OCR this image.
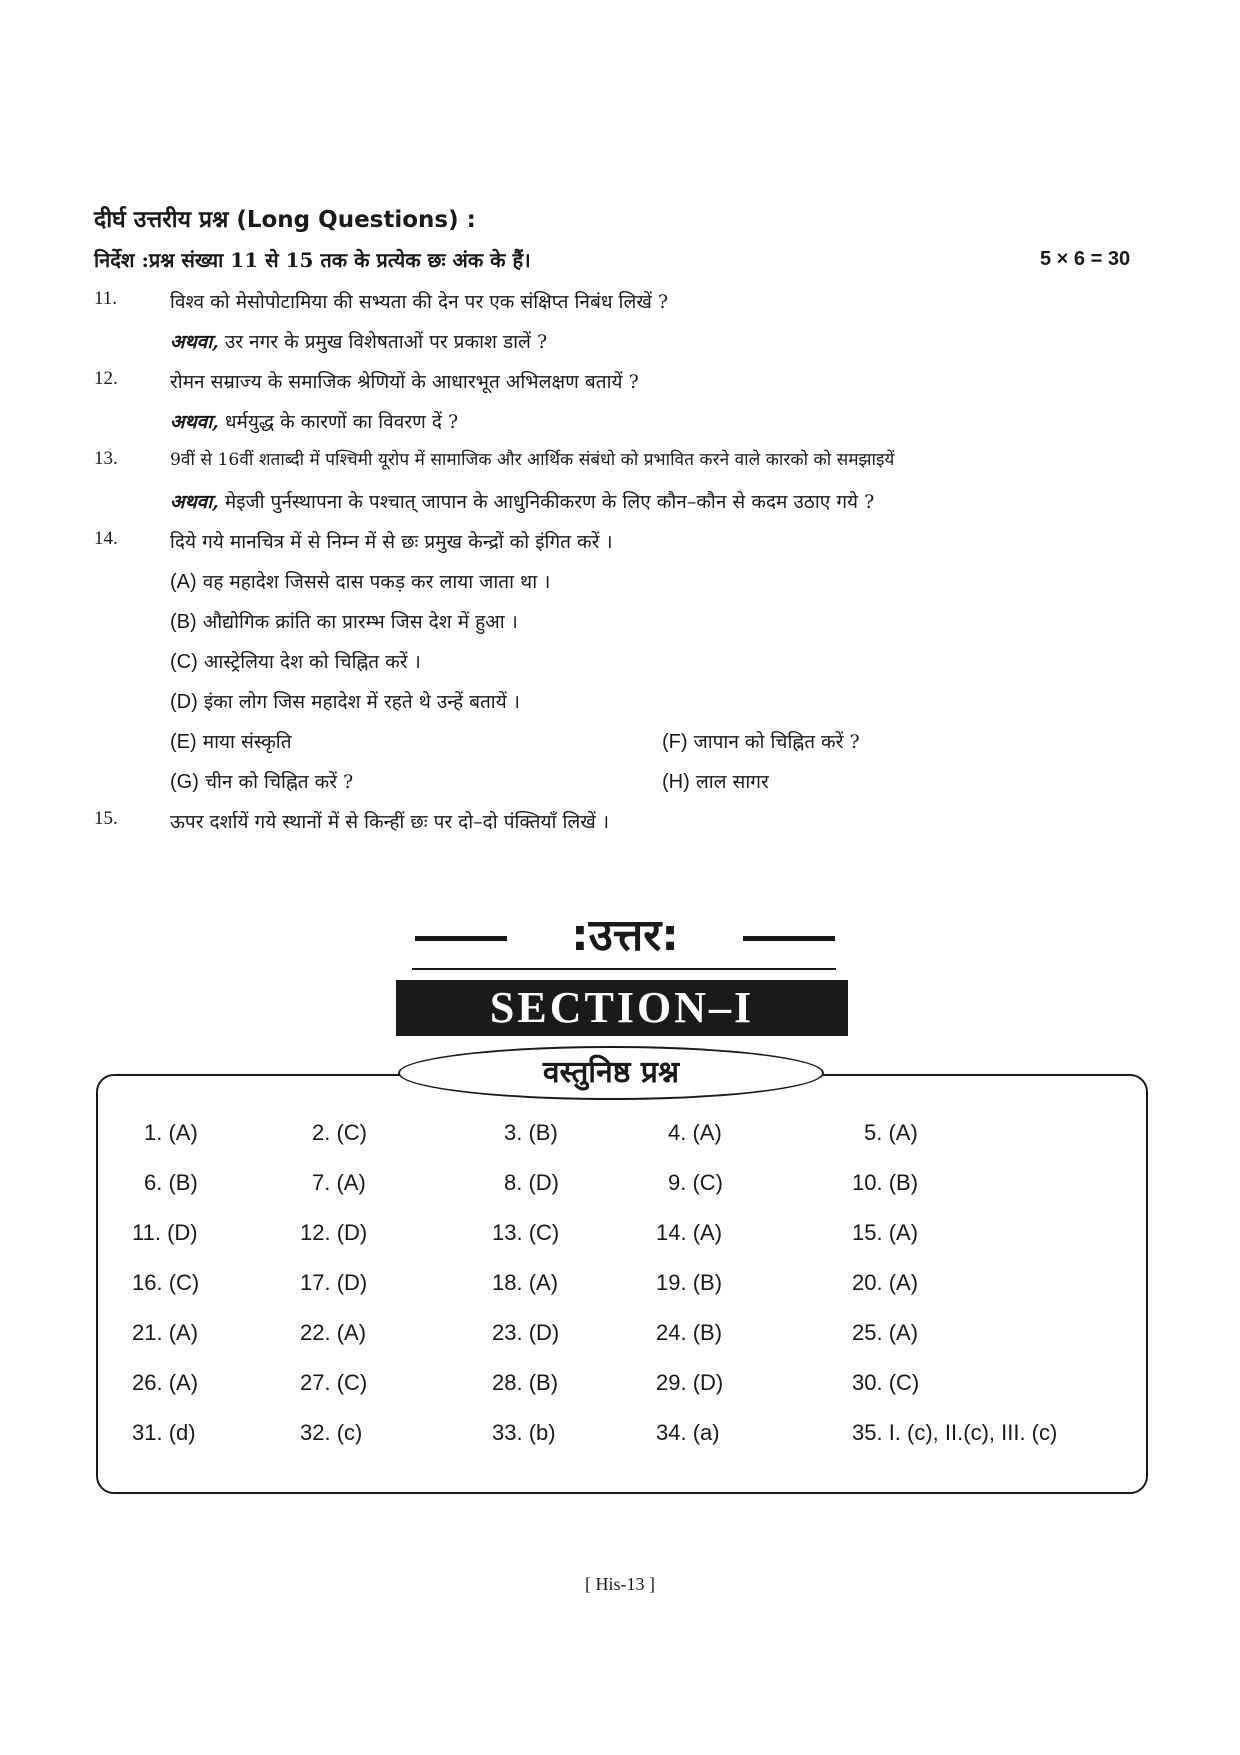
दीर्घ उत्तरीय प्रश्न (Long Questions) :
निर्देश :प्रश्न संख्या 11 से 15 तक के प्रत्येक छः अंक के हैं।	5 × 6 = 30
11.	विश्व को मेसोपोटामिया की सभ्यता की देन पर एक संक्षिप्त निबंध लिखें ?
अथवा, उर नगर के प्रमुख विशेषताओं पर प्रकाश डालें ?
12.	रोमन सम्राज्य के समाजिक श्रेणियों के आधारभूत अभिलक्षण बतायें ?
अथवा, धर्मयुद्ध के कारणों का विवरण दें ?
13.	9वीं से 16वीं शताब्दी में पश्चिमी यूरोप में सामाजिक और आर्थिक संबंधो को प्रभावित करने वाले कारको को समझाइयें
अथवा, मेइजी पुर्नस्थापना के पश्चात् जापान के आधुनिकीकरण के लिए कौन–कौन से कदम उठाए गये ?
14.	दिये गये मानचित्र में से निम्न में से छः प्रमुख केन्द्रों को इंगित करें ।
(A) वह महादेश जिससे दास पकड़ कर लाया जाता था ।
(B) औद्योगिक क्रांति का प्रारम्भ जिस देश में हुआ ।
(C) आस्ट्रेलिया देश को चिह्नित करें ।
(D) इंका लोग जिस महादेश में रहते थे उन्हें बतायें ।
(E) माया संस्कृति	(F) जापान को चिह्नित करें ?
(G) चीन को चिह्नित करें ?	(H) लाल सागर
15.	ऊपर दर्शायें गये स्थानों में से किन्हीं छः पर दो–दो पंक्तियाँ लिखें ।
:उत्तर:
SECTION–I
वस्तुनिष्ठ प्रश्न
1. (A)	2. (C)	3. (B)	4. (A)	5. (A)
6. (B)	7. (A)	8. (D)	9. (C)	10. (B)
11. (D)	12. (D)	13. (C)	14. (A)	15. (A)
16. (C)	17. (D)	18. (A)	19. (B)	20. (A)
21. (A)	22. (A)	23. (D)	24. (B)	25. (A)
26. (A)	27. (C)	28. (B)	29. (D)	30. (C)
31. (d)	32. (c)	33. (b)	34. (a)	35. I. (c), II.(c), III. (c)
[ His-13 ]
